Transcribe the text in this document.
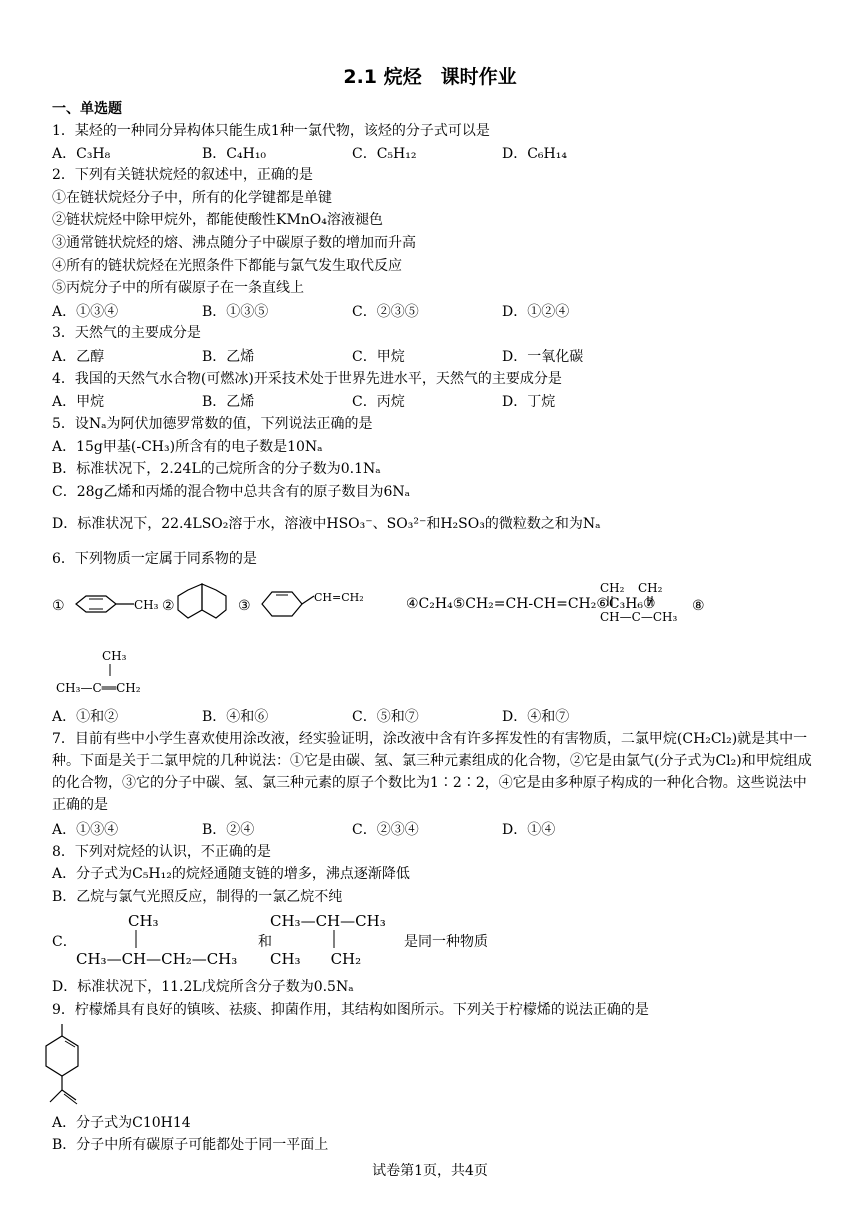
2.1 烷烃　课时作业
一、单选题
1．某烃的一种同分异构体只能生成1种一氯代物，该烃的分子式可以是
A．C₃H₈	B．C₄H₁₀	C．C₅H₁₂	D．C₆H₁₄
2．下列有关链状烷烃的叙述中，正确的是
①在链状烷烃分子中，所有的化学键都是单键
②链状烷烃中除甲烷外，都能使酸性KMnO₄溶液褪色
③通常链状烷烃的熔、沸点随分子中碳原子数的增加而升高
④所有的链状烷烃在光照条件下都能与氯气发生取代反应
⑤丙烷分子中的所有碳原子在一条直线上
A．①③④	B．①③⑤	C．②③⑤	D．①②④
3．天然气的主要成分是
A．乙醇	B．乙烯	C．甲烷	D．一氧化碳
4．我国的天然气水合物(可燃冰)开采技术处于世界先进水平，天然气的主要成分是
A．甲烷	B．乙烯	C．丙烷	D．丁烷
5．设Nₐ为阿伏加德罗常数的值，下列说法正确的是
A．15g甲基(-CH₃)所含有的电子数是10Nₐ
B．标准状况下，2.24L的己烷所含的分子数为0.1Nₐ
C．28g乙烯和丙烯的混合物中总共含有的原子数目为6Nₐ
D．标准状况下，22.4LSO₂溶于水，溶液中HSO₃⁻、SO₃²⁻和H₂SO₃的微粒数之和为Nₐ
6．下列物质一定属于同系物的是
①	CH₃ ②	③
CH=CH₂
CH₂ CH₂
CH—C—CH₃
⑧
CH₃
CH₃—C══CH₂
④C₂H₄⑤CH₂=CH-CH=CH₂⑥C₃H₆⑦
A．①和②	B．④和⑥	C．⑤和⑦	D．④和⑦
7．目前有些中小学生喜欢使用涂改液，经实验证明，涂改液中含有许多挥发性的有害物质，二氯甲烷(CH₂Cl₂)就是其中一种。下面是关于二氯甲烷的几种说法：①它是由碳、氢、氯三种元素组成的化合物，②它是由氯气(分子式为Cl₂)和甲烷组成的化合物，③它的分子中碳、氢、氯三种元素的原子个数比为1∶2∶2，④它是由多种原子构成的一种化合物。这些说法中正确的是
A．①③④	B．②④	C．②③④	D．①④
8．下列对烷烃的认识，不正确的是
A．分子式为C₅H₁₂的烷烃通随支链的增多，沸点逐渐降低
B．乙烷与氯气光照反应，制得的一氯乙烷不纯
C．
CH₃
CH₃—CH—CH₂—CH₃
CH₃—CH—CH₃
CH₃　　CH₂
和	是同一种物质
D．标准状况下，11.2L戊烷所含分子数为0.5Nₐ
9．柠檬烯具有良好的镇咳、祛痰、抑菌作用，其结构如图所示。下列关于柠檬烯的说法正确的是
A．分子式为C10H14
B．分子中所有碳原子可能都处于同一平面上
试卷第1页，共4页
